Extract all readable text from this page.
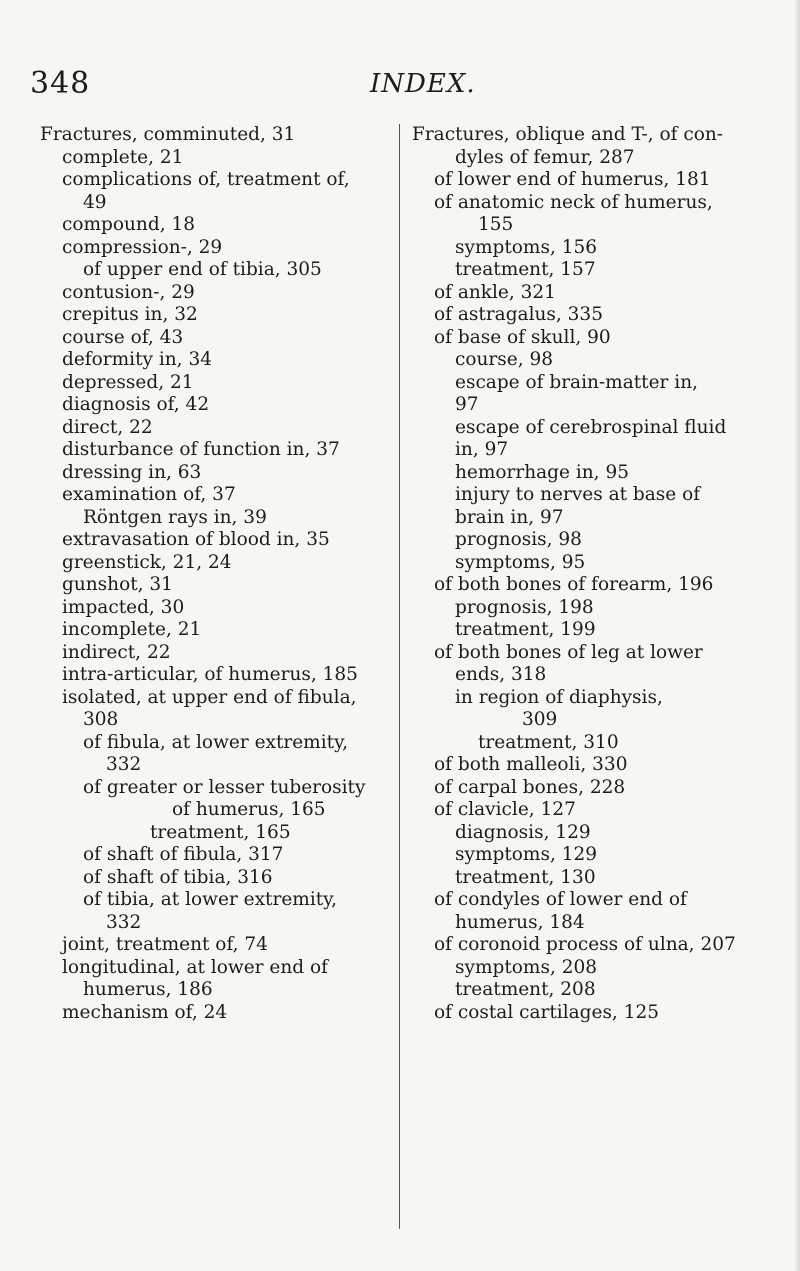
348	INDEX.
Fractures, comminuted, 31
complete, 21
complications of, treatment of,
49
compound, 18
compression-, 29
of upper end of tibia, 305
contusion-, 29
crepitus in, 32
course of, 43
deformity in, 34
depressed, 21
diagnosis of, 42
direct, 22
disturbance of function in, 37
dressing in, 63
examination of, 37
Röntgen rays in, 39
extravasation of blood in, 35
greenstick, 21, 24
gunshot, 31
impacted, 30
incomplete, 21
indirect, 22
intra-articular, of humerus, 185
isolated, at upper end of fibula,
308
of fibula, at lower extremity,
332
of greater or lesser tuberosity
of humerus, 165
treatment, 165
of shaft of fibula, 317
of shaft of tibia, 316
of tibia, at lower extremity,
332
joint, treatment of, 74
longitudinal, at lower end of
humerus, 186
mechanism of, 24
Fractures, oblique and T-, of con-
dyles of femur, 287
of lower end of humerus, 181
of anatomic neck of humerus,
155
symptoms, 156
treatment, 157
of ankle, 321
of astragalus, 335
of base of skull, 90
course, 98
escape of brain-matter in,
97
escape of cerebrospinal fluid
in, 97
hemorrhage in, 95
injury to nerves at base of
brain in, 97
prognosis, 98
symptoms, 95
of both bones of forearm, 196
prognosis, 198
treatment, 199
of both bones of leg at lower
ends, 318
in region of diaphysis,
309
treatment, 310
of both malleoli, 330
of carpal bones, 228
of clavicle, 127
diagnosis, 129
symptoms, 129
treatment, 130
of condyles of lower end of
humerus, 184
of coronoid process of ulna, 207
symptoms, 208
treatment, 208
of costal cartilages, 125
